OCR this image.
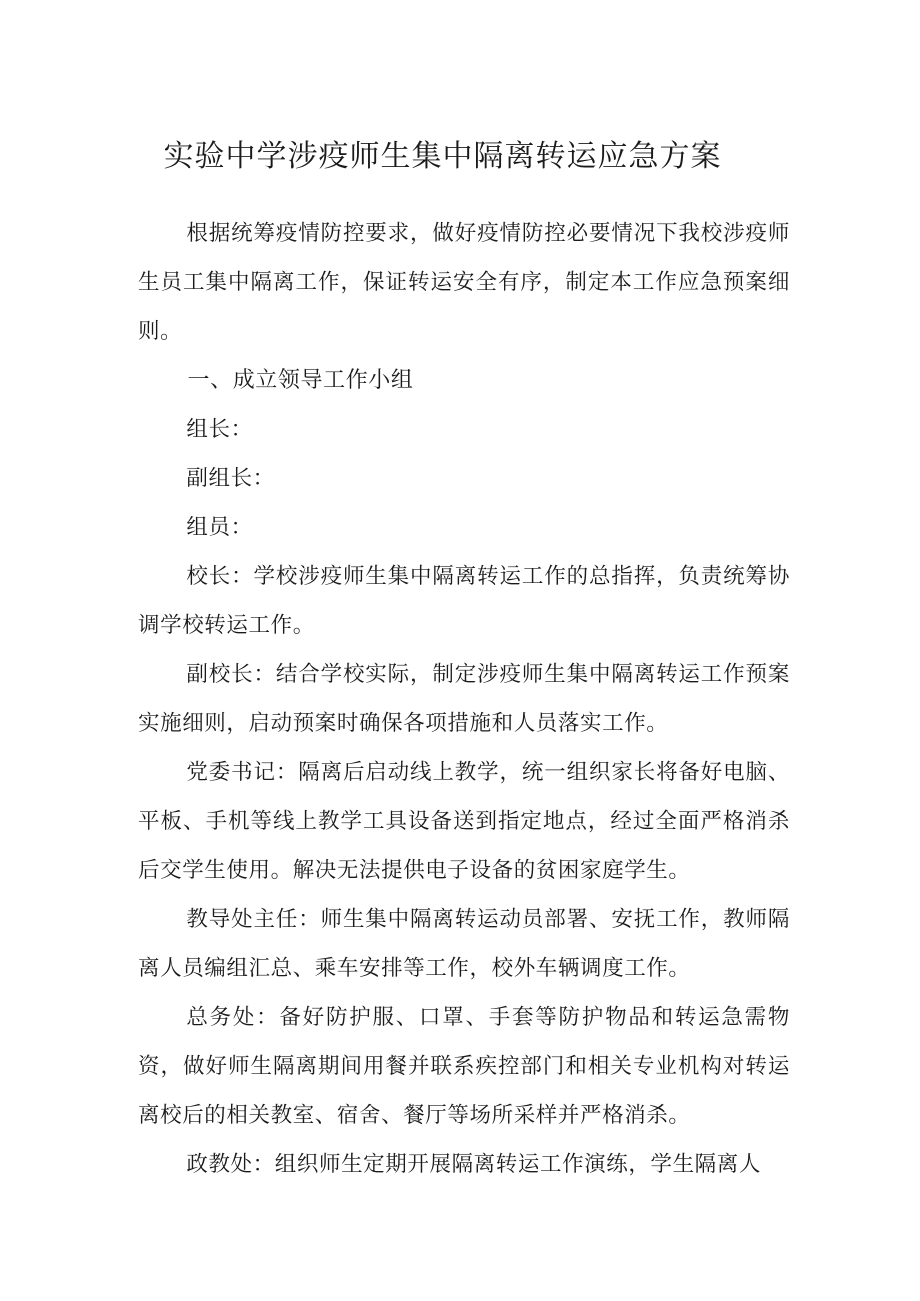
实验中学涉疫师生集中隔离转运应急方案

根据统筹疫情防控要求，做好疫情防控必要情况下我校涉疫师生员工集中隔离工作，保证转运安全有序，制定本工作应急预案细则。

一、成立领导工作小组

组长：

副组长：

组员：

校长：学校涉疫师生集中隔离转运工作的总指挥，负责统筹协调学校转运工作。

副校长：结合学校实际，制定涉疫师生集中隔离转运工作预案实施细则，启动预案时确保各项措施和人员落实工作。

党委书记：隔离后启动线上教学，统一组织家长将备好电脑、平板、手机等线上教学工具设备送到指定地点，经过全面严格消杀后交学生使用。解决无法提供电子设备的贫困家庭学生。

教导处主任：师生集中隔离转运动员部署、安抚工作，教师隔离人员编组汇总、乘车安排等工作，校外车辆调度工作。

总务处：备好防护服、口罩、手套等防护物品和转运急需物资，做好师生隔离期间用餐并联系疾控部门和相关专业机构对转运离校后的相关教室、宿舍、餐厅等场所采样并严格消杀。

政教处：组织师生定期开展隔离转运工作演练，学生隔离人
